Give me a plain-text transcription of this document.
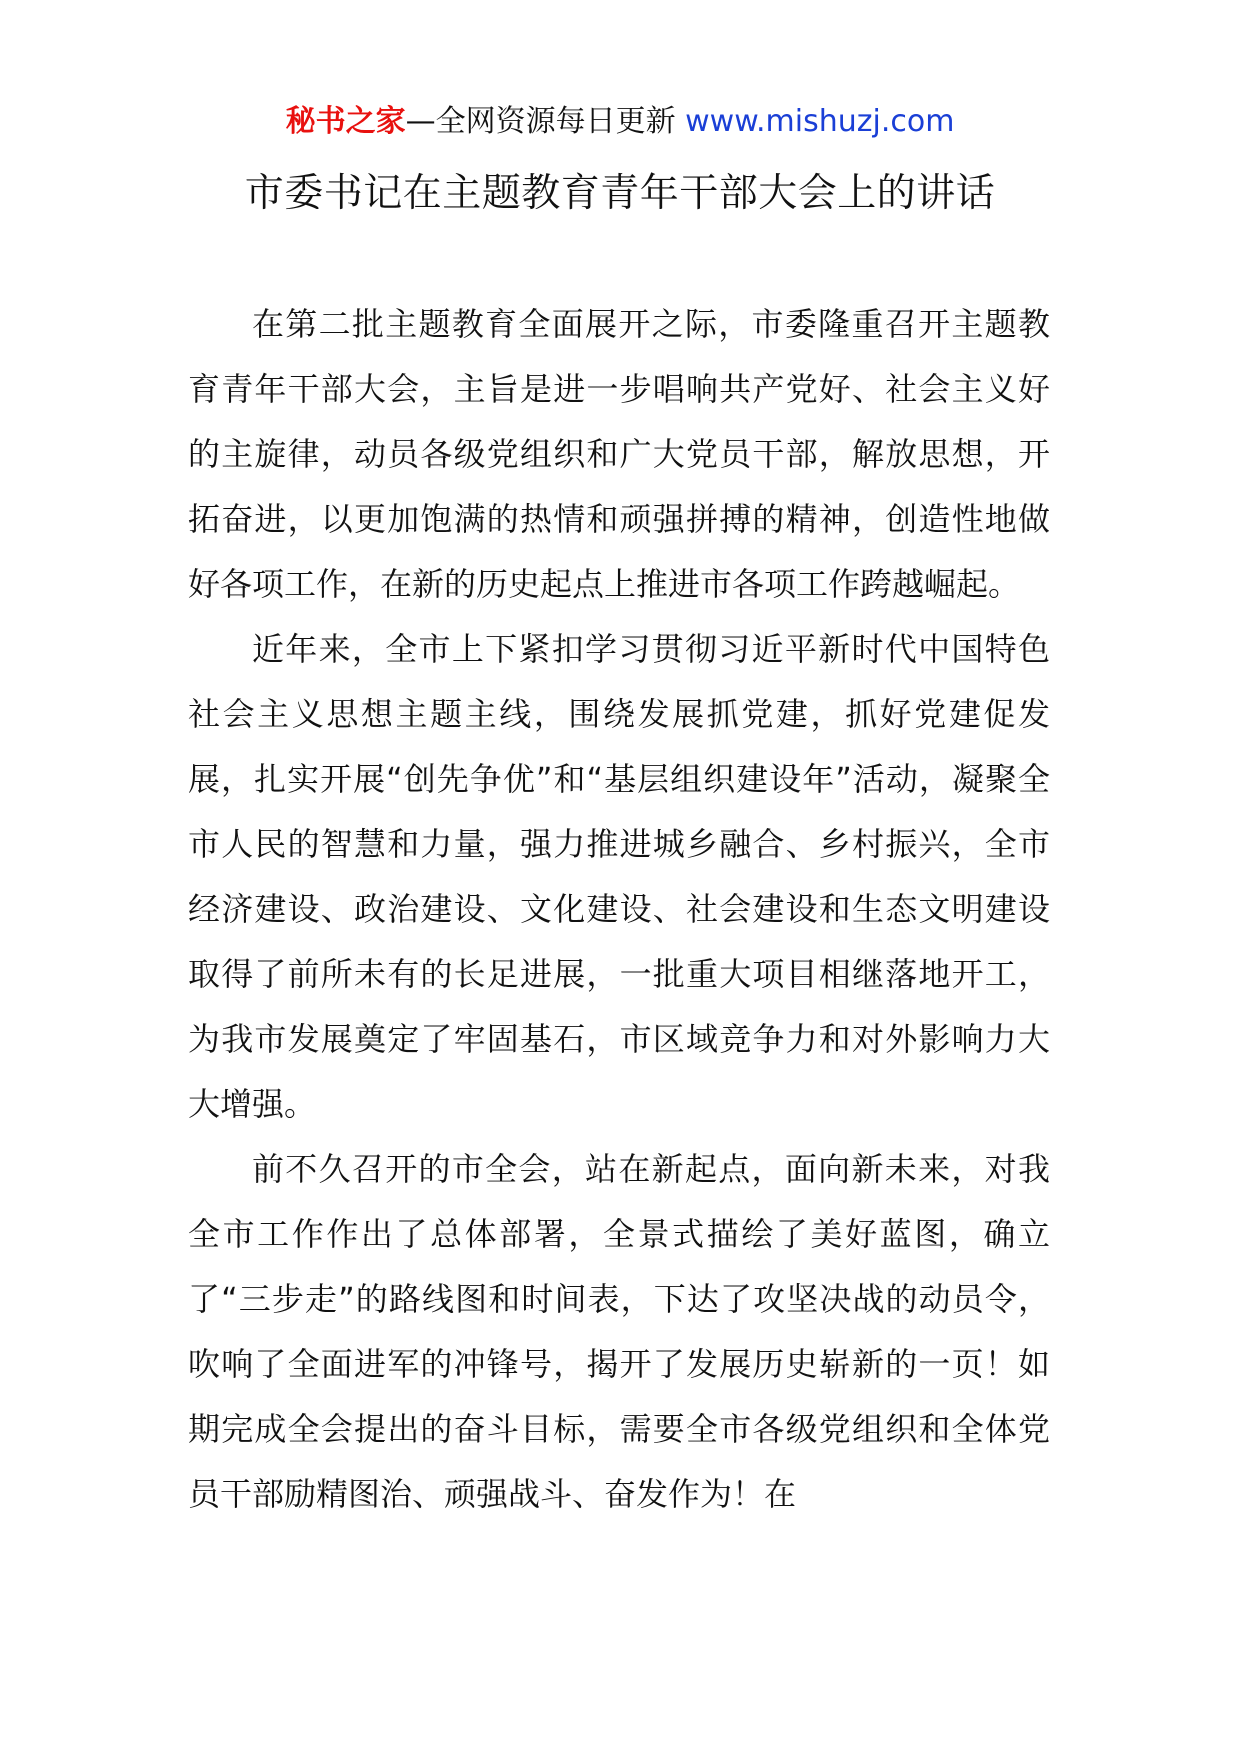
秘书之家—全网资源每日更新 www.mishuzj.com
市委书记在主题教育青年干部大会上的讲话

在第二批主题教育全面展开之际，市委隆重召开主题教育青年干部大会，主旨是进一步唱响共产党好、社会主义好的主旋律，动员各级党组织和广大党员干部，解放思想，开拓奋进，以更加饱满的热情和顽强拼搏的精神，创造性地做好各项工作，在新的历史起点上推进市各项工作跨越崛起。

近年来，全市上下紧扣学习贯彻习近平新时代中国特色社会主义思想主题主线，围绕发展抓党建，抓好党建促发展，扎实开展“创先争优”和“基层组织建设年”活动，凝聚全市人民的智慧和力量，强力推进城乡融合、乡村振兴，全市经济建设、政治建设、文化建设、社会建设和生态文明建设取得了前所未有的长足进展，一批重大项目相继落地开工，为我市发展奠定了牢固基石，市区域竞争力和对外影响力大大增强。

前不久召开的市全会，站在新起点，面向新未来，对我全市工作作出了总体部署，全景式描绘了美好蓝图，确立了“三步走”的路线图和时间表，下达了攻坚决战的动员令，吹响了全面进军的冲锋号，揭开了发展历史崭新的一页！如期完成全会提出的奋斗目标，需要全市各级党组织和全体党员干部励精图治、顽强战斗、奋发作为！在
